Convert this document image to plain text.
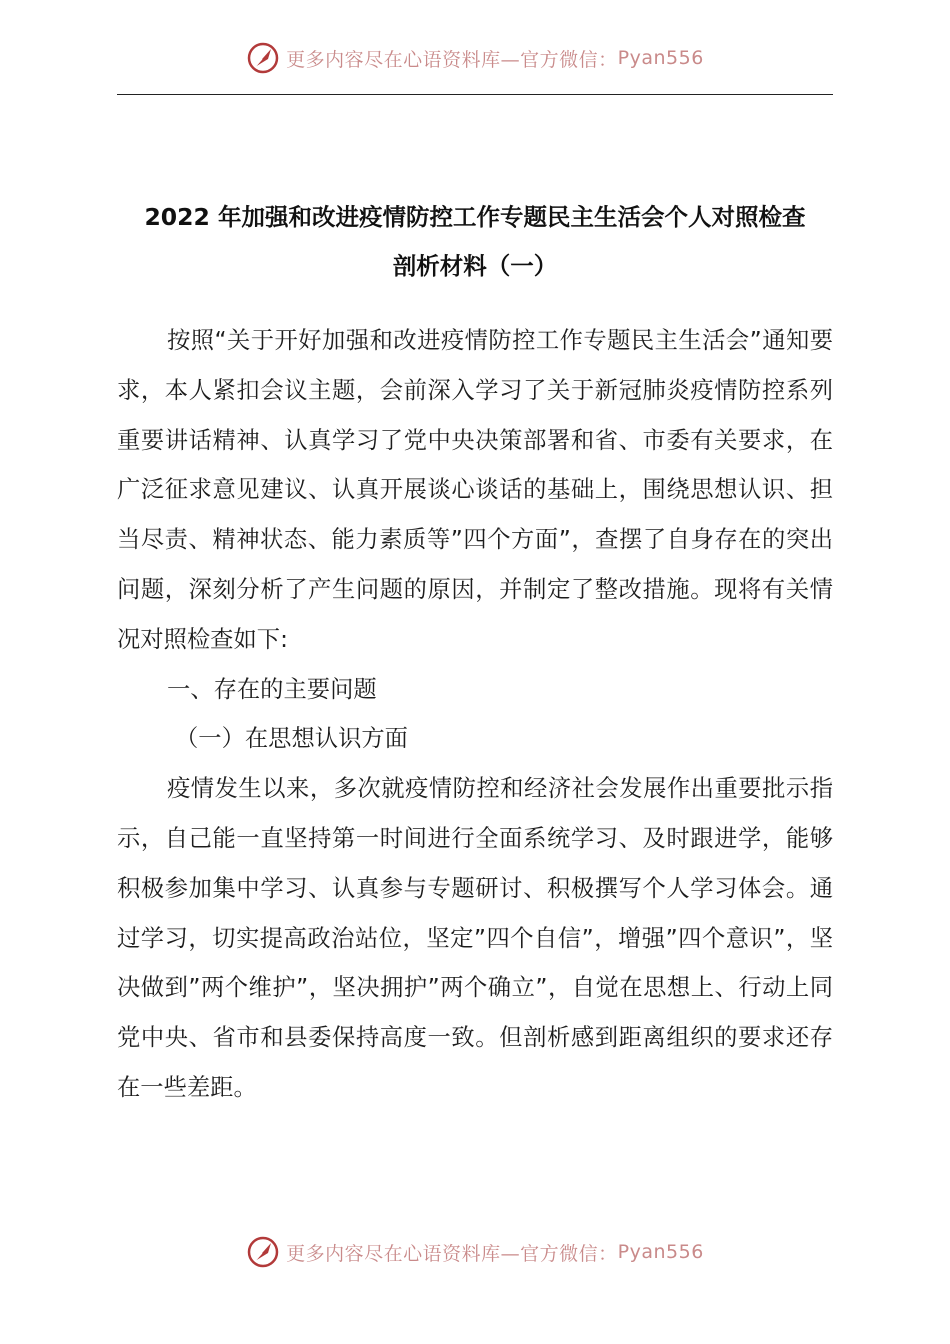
更多内容尽在心语资料库—官方微信： Pyan556
2022 年加强和改进疫情防控工作专题民主生活会个人对照检查
剖析材料（一）

按照“关于开好加强和改进疫情防控工作专题民主生活会”通知要求，本人紧扣会议主题，会前深入学习了关于新冠肺炎疫情防控系列重要讲话精神、认真学习了党中央决策部署和省、市委有关要求，在广泛征求意见建议、认真开展谈心谈话的基础上，围绕思想认识、担当尽责、精神状态、能力素质等”四个方面”，查摆了自身存在的突出问题，深刻分析了产生问题的原因，并制定了整改措施。现将有关情况对照检查如下:

一、存在的主要问题

（一）在思想认识方面

疫情发生以来，多次就疫情防控和经济社会发展作出重要批示指示，自己能一直坚持第一时间进行全面系统学习、及时跟进学，能够积极参加集中学习、认真参与专题研讨、积极撰写个人学习体会。通过学习，切实提高政治站位，坚定”四个自信”，增强”四个意识”，坚决做到”两个维护”，坚决拥护”两个确立”，自觉在思想上、行动上同党中央、省市和县委保持高度一致。但剖析感到距离组织的要求还存在一些差距。

更多内容尽在心语资料库—官方微信： Pyan556
